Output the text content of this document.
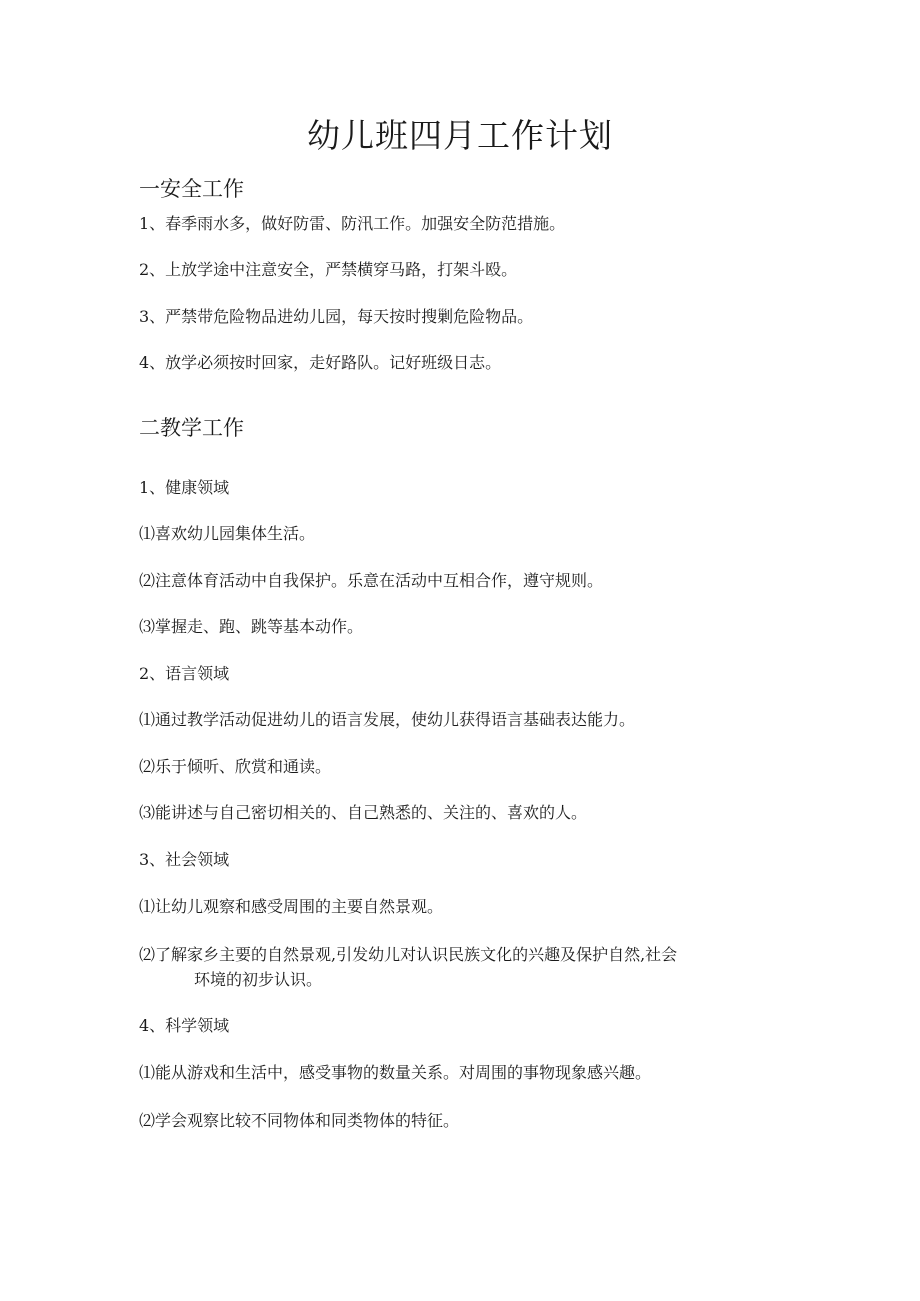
幼儿班四月工作计划
一安全工作

1、春季雨水多，做好防雷、防汛工作。加强安全防范措施。

2、上放学途中注意安全，严禁横穿马路，打架斗殴。

3、严禁带危险物品进幼儿园，每天按时搜剿危险物品。

4、放学必须按时回家，走好路队。记好班级日志。

二教学工作

1、健康领域

⑴喜欢幼儿园集体生活。

⑵注意体育活动中自我保护。乐意在活动中互相合作，遵守规则。

⑶掌握走、跑、跳等基本动作。

2、语言领域

⑴通过教学活动促进幼儿的语言发展，使幼儿获得语言基础表达能力。

⑵乐于倾听、欣赏和通读。

⑶能讲述与自己密切相关的、自己熟悉的、关注的、喜欢的人。

3、社会领域

⑴让幼儿观察和感受周围的主要自然景观。

⑵了解家乡主要的自然景观,引发幼儿对认识民族文化的兴趣及保护自然,社会
环境的初步认识。

4、科学领域

⑴能从游戏和生活中，感受事物的数量关系。对周围的事物现象感兴趣。

⑵学会观察比较不同物体和同类物体的特征。
